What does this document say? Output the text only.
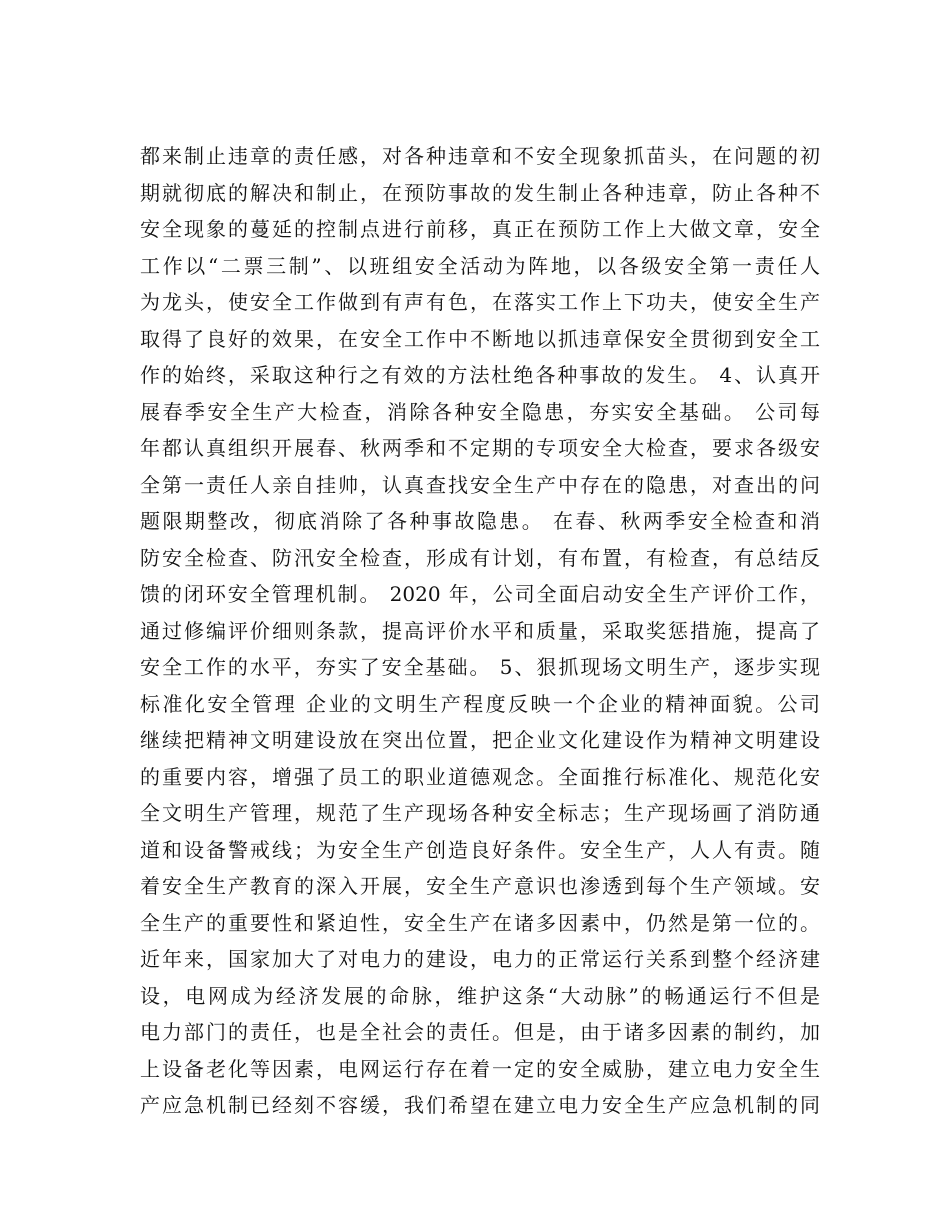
都来制止违章的责任感，对各种违章和不安全现象抓苗头，在问题的初
期就彻底的解决和制止，在预防事故的发生制止各种违章，防止各种不
安全现象的蔓延的控制点进行前移，真正在预防工作上大做文章，安全
工作以“二票三制”、以班组安全活动为阵地，以各级安全第一责任人
为龙头，使安全工作做到有声有色，在落实工作上下功夫，使安全生产
取得了良好的效果，在安全工作中不断地以抓违章保安全贯彻到安全工
作的始终，采取这种行之有效的方法杜绝各种事故的发生。 4、认真开
展春季安全生产大检查，消除各种安全隐患，夯实安全基础。 公司每
年都认真组织开展春、秋两季和不定期的专项安全大检查，要求各级安
全第一责任人亲自挂帅，认真查找安全生产中存在的隐患，对查出的问
题限期整改，彻底消除了各种事故隐患。 在春、秋两季安全检查和消
防安全检查、防汛安全检查，形成有计划，有布置，有检查，有总结反
馈的闭环安全管理机制。 2020 年，公司全面启动安全生产评价工作，
通过修编评价细则条款，提高评价水平和质量，采取奖惩措施，提高了
安全工作的水平，夯实了安全基础。 5、狠抓现场文明生产，逐步实现
标准化安全管理 企业的文明生产程度反映一个企业的精神面貌。公司
继续把精神文明建设放在突出位置，把企业文化建设作为精神文明建设
的重要内容，增强了员工的职业道德观念。全面推行标准化、规范化安
全文明生产管理，规范了生产现场各种安全标志；生产现场画了消防通
道和设备警戒线；为安全生产创造良好条件。安全生产，人人有责。随
着安全生产教育的深入开展，安全生产意识也渗透到每个生产领域。安
全生产的重要性和紧迫性，安全生产在诸多因素中，仍然是第一位的。
近年来，国家加大了对电力的建设，电力的正常运行关系到整个经济建
设，电网成为经济发展的命脉，维护这条“大动脉”的畅通运行不但是
电力部门的责任，也是全社会的责任。但是，由于诸多因素的制约，加
上设备老化等因素，电网运行存在着一定的安全威胁，建立电力安全生
产应急机制已经刻不容缓，我们希望在建立电力安全生产应急机制的同
